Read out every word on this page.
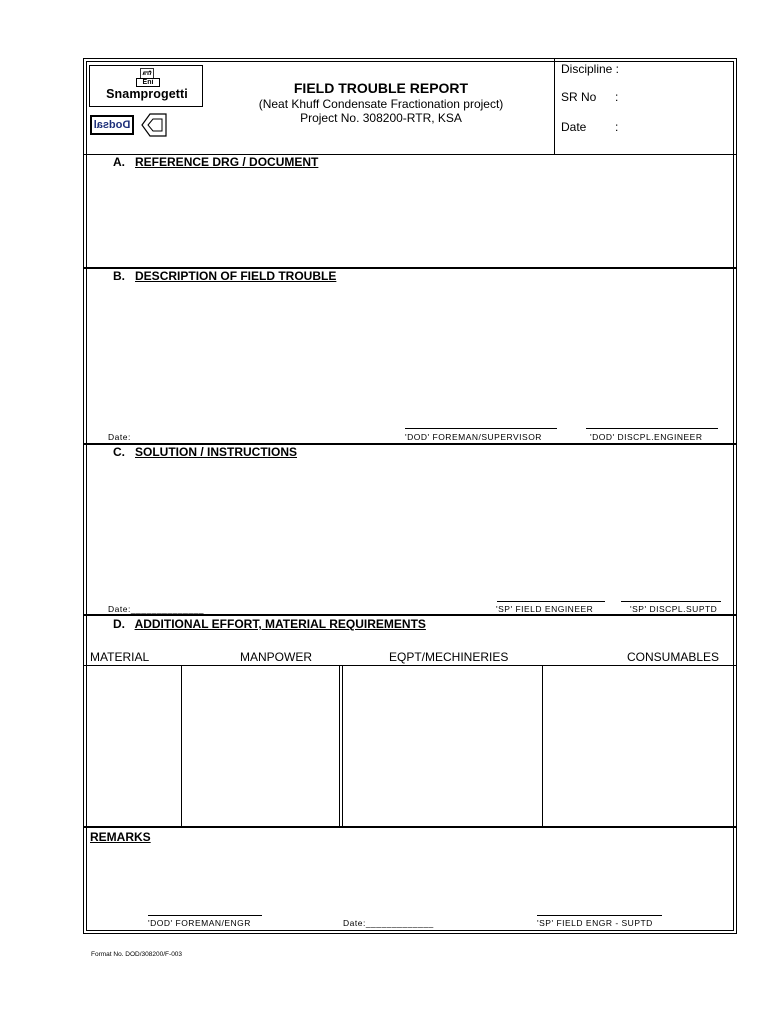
Eni
Snamprogetti
Dodsal
FIELD TROUBLE REPORT
(Neat Khuff Condensate Fractionation project)
Project No. 308200-RTR, KSA
Discipline :
SR No :
Date :
A. REFERENCE DRG / DOCUMENT
B. DESCRIPTION OF FIELD TROUBLE
Date:	'DOD' FOREMAN/SUPERVISOR	'DOD' DISCPL.ENGINEER
C. SOLUTION / INSTRUCTIONS
Date:______________	'SP' FIELD ENGINEER	'SP' DISCPL.SUPTD
D. ADDITIONAL EFFORT, MATERIAL REQUIREMENTS
MATERIAL	MANPOWER	EQPT/MECHINERIES	CONSUMABLES
REMARKS
'DOD' FOREMAN/ENGR	Date:_____________	'SP' FIELD ENGR - SUPTD
Format No. DOD/308200/F-003
